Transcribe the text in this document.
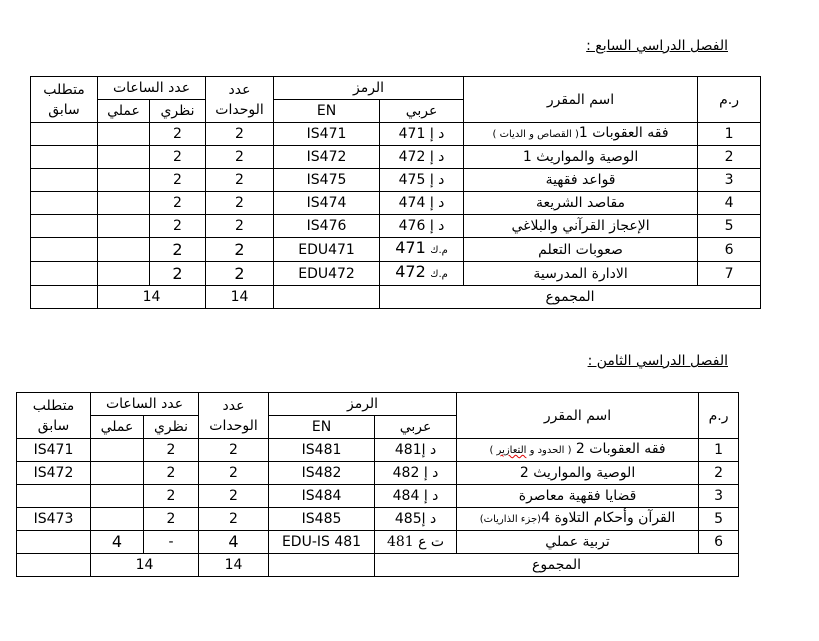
الفصل الدراسي السابع :
ر.م	اسم المقرر	الرمز		عدد
الوحدات	عدد الساعات		متطلب
سابق
		عربي	EN		نظري	عملي	
1	فقه العقوبات 1( القصاص و الديات )	د إ 471	IS471	2	2		
2	الوصية والمواريث 1	د إ 472	IS472	2	2		
3	قواعد فقهية	د إ 475	IS475	2	2		
4	مقاصد الشريعة	د إ 474	IS474	2	2		
5	الإعجاز القرآني والبلاغي	د إ 476	IS476	2	2		
6	صعوبات التعلم	م.ك 471	EDU471	2	2		
7	الادارة المدرسية	م.ك 472	EDU472	2	2		
المجموع				14	14		
الفصل الدراسي الثامن :
ر.م	اسم المقرر	الرمز		عدد
الوحدات	عدد الساعات		متطلب
سابق
		عربي	EN		نظري	عملي	
1	فقه العقوبات 2 ( الحدود و التعازير )	د إ481	IS481	2	2		IS471
2	الوصية والمواريث 2	د إ 482	IS482	2	2		IS472
3	قضايا فقهية معاصرة	د إ 484	IS484	2	2		
5	القرآن وأحكام التلاوة 4(جزء الذاريات)	د إ485	IS485	2	2		IS473
6	تربية عملي	ت ع 481	EDU-IS 481	4	-	4	
المجموع				14	14		
